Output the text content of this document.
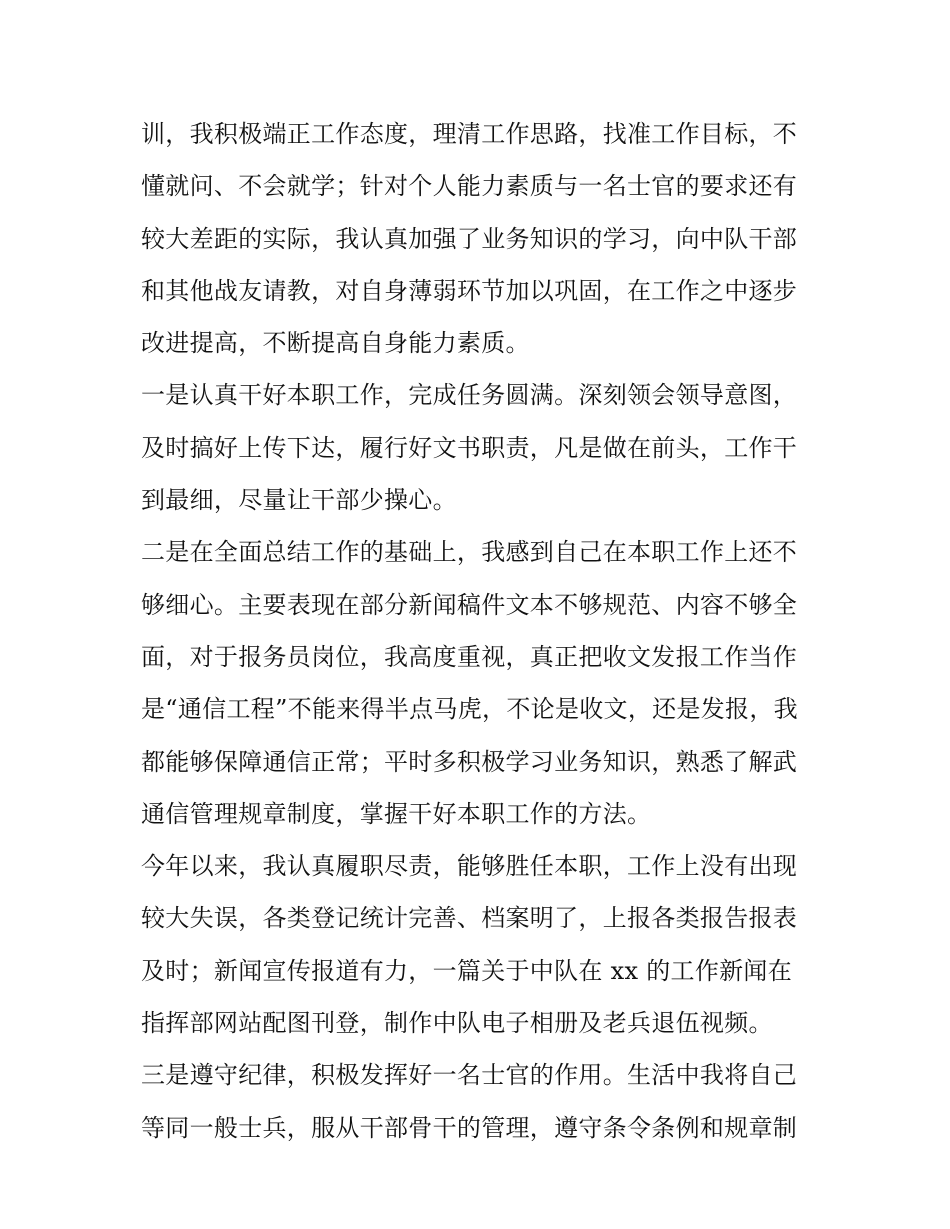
训，我积极端正工作态度，理清工作思路，找准工作目标，不
懂就问、不会就学；针对个人能力素质与一名士官的要求还有
较大差距的实际，我认真加强了业务知识的学习，向中队干部
和其他战友请教，对自身薄弱环节加以巩固，在工作之中逐步
改进提高，不断提高自身能力素质。
一是认真干好本职工作，完成任务圆满。深刻领会领导意图，
及时搞好上传下达，履行好文书职责，凡是做在前头，工作干
到最细，尽量让干部少操心。
二是在全面总结工作的基础上，我感到自己在本职工作上还不
够细心。主要表现在部分新闻稿件文本不够规范、内容不够全
面，对于报务员岗位，我高度重视，真正把收文发报工作当作
是“通信工程”不能来得半点马虎，不论是收文，还是发报，我
都能够保障通信正常；平时多积极学习业务知识，熟悉了解武
通信管理规章制度，掌握干好本职工作的方法。
今年以来，我认真履职尽责，能够胜任本职，工作上没有出现
较大失误，各类登记统计完善、档案明了，上报各类报告报表
及时；新闻宣传报道有力，一篇关于中队在 xx 的工作新闻在
指挥部网站配图刊登，制作中队电子相册及老兵退伍视频。
三是遵守纪律，积极发挥好一名士官的作用。生活中我将自己
等同一般士兵，服从干部骨干的管理，遵守条令条例和规章制
